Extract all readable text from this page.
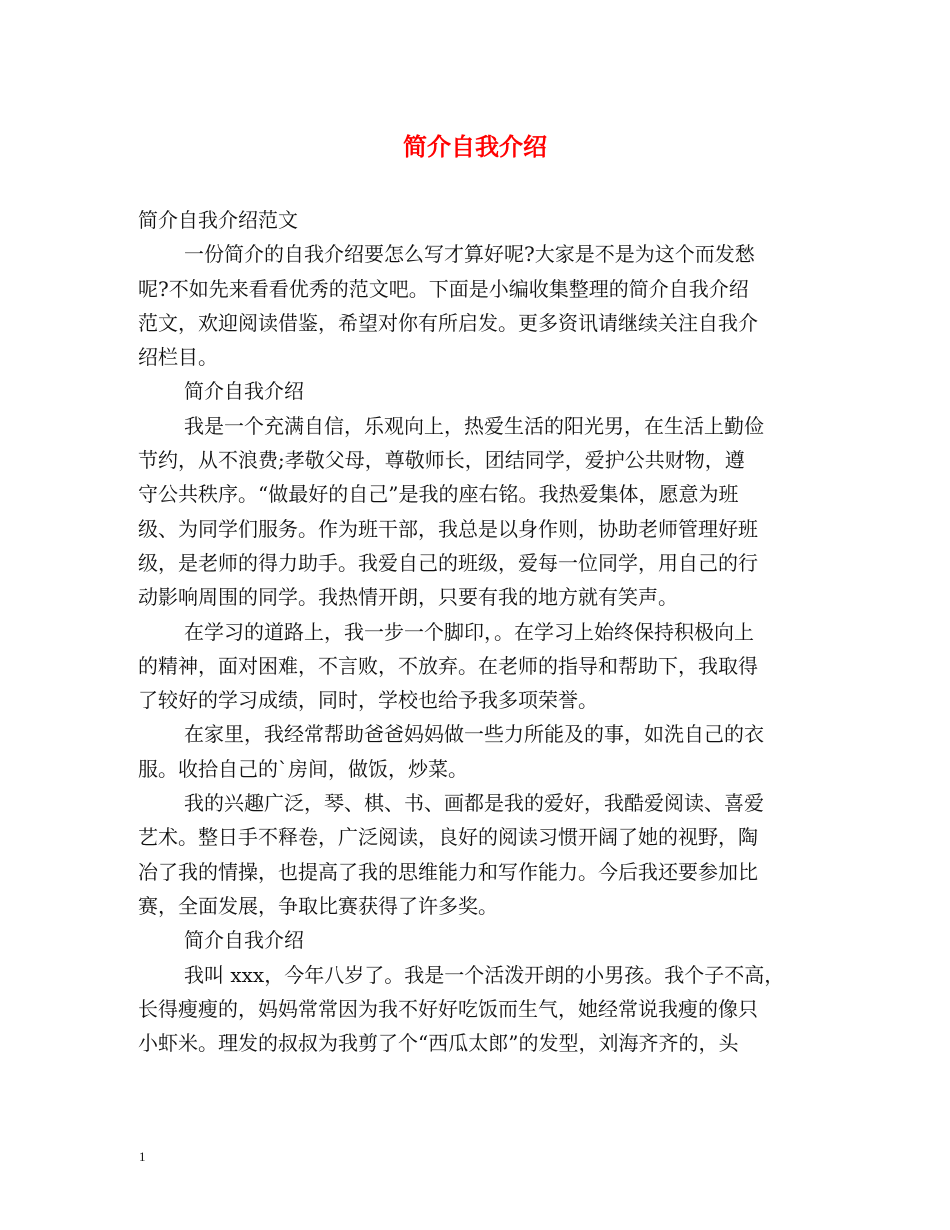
简介自我介绍
简介自我介绍范文
一份简介的自我介绍要怎么写才算好呢?大家是不是为这个而发愁
呢?不如先来看看优秀的范文吧。下面是小编收集整理的简介自我介绍
范文，欢迎阅读借鉴，希望对你有所启发。更多资讯请继续关注自我介
绍栏目。
简介自我介绍
我是一个充满自信，乐观向上，热爱生活的阳光男，在生活上勤俭
节约，从不浪费;孝敬父母，尊敬师长，团结同学，爱护公共财物，遵
守公共秩序。“做最好的自己”是我的座右铭。我热爱集体，愿意为班
级、为同学们服务。作为班干部，我总是以身作则，协助老师管理好班
级，是老师的得力助手。我爱自己的班级，爱每一位同学，用自己的行
动影响周围的同学。我热情开朗，只要有我的地方就有笑声。
在学习的道路上，我一步一个脚印，。在学习上始终保持积极向上
的精神，面对困难，不言败，不放弃。在老师的指导和帮助下，我取得
了较好的学习成绩，同时，学校也给予我多项荣誉。
在家里，我经常帮助爸爸妈妈做一些力所能及的事，如洗自己的衣
服。收拾自己的`房间，做饭，炒菜。
我的兴趣广泛，琴、棋、书、画都是我的爱好，我酷爱阅读、喜爱
艺术。整日手不释卷，广泛阅读，良好的阅读习惯开阔了她的视野，陶
冶了我的情操，也提高了我的思维能力和写作能力。今后我还要参加比
赛，全面发展，争取比赛获得了许多奖。
简介自我介绍
我叫 xxx，今年八岁了。我是一个活泼开朗的小男孩。我个子不高，
长得瘦瘦的，妈妈常常因为我不好好吃饭而生气，她经常说我瘦的像只
小虾米。理发的叔叔为我剪了个“西瓜太郎”的发型，刘海齐齐的，头
1
